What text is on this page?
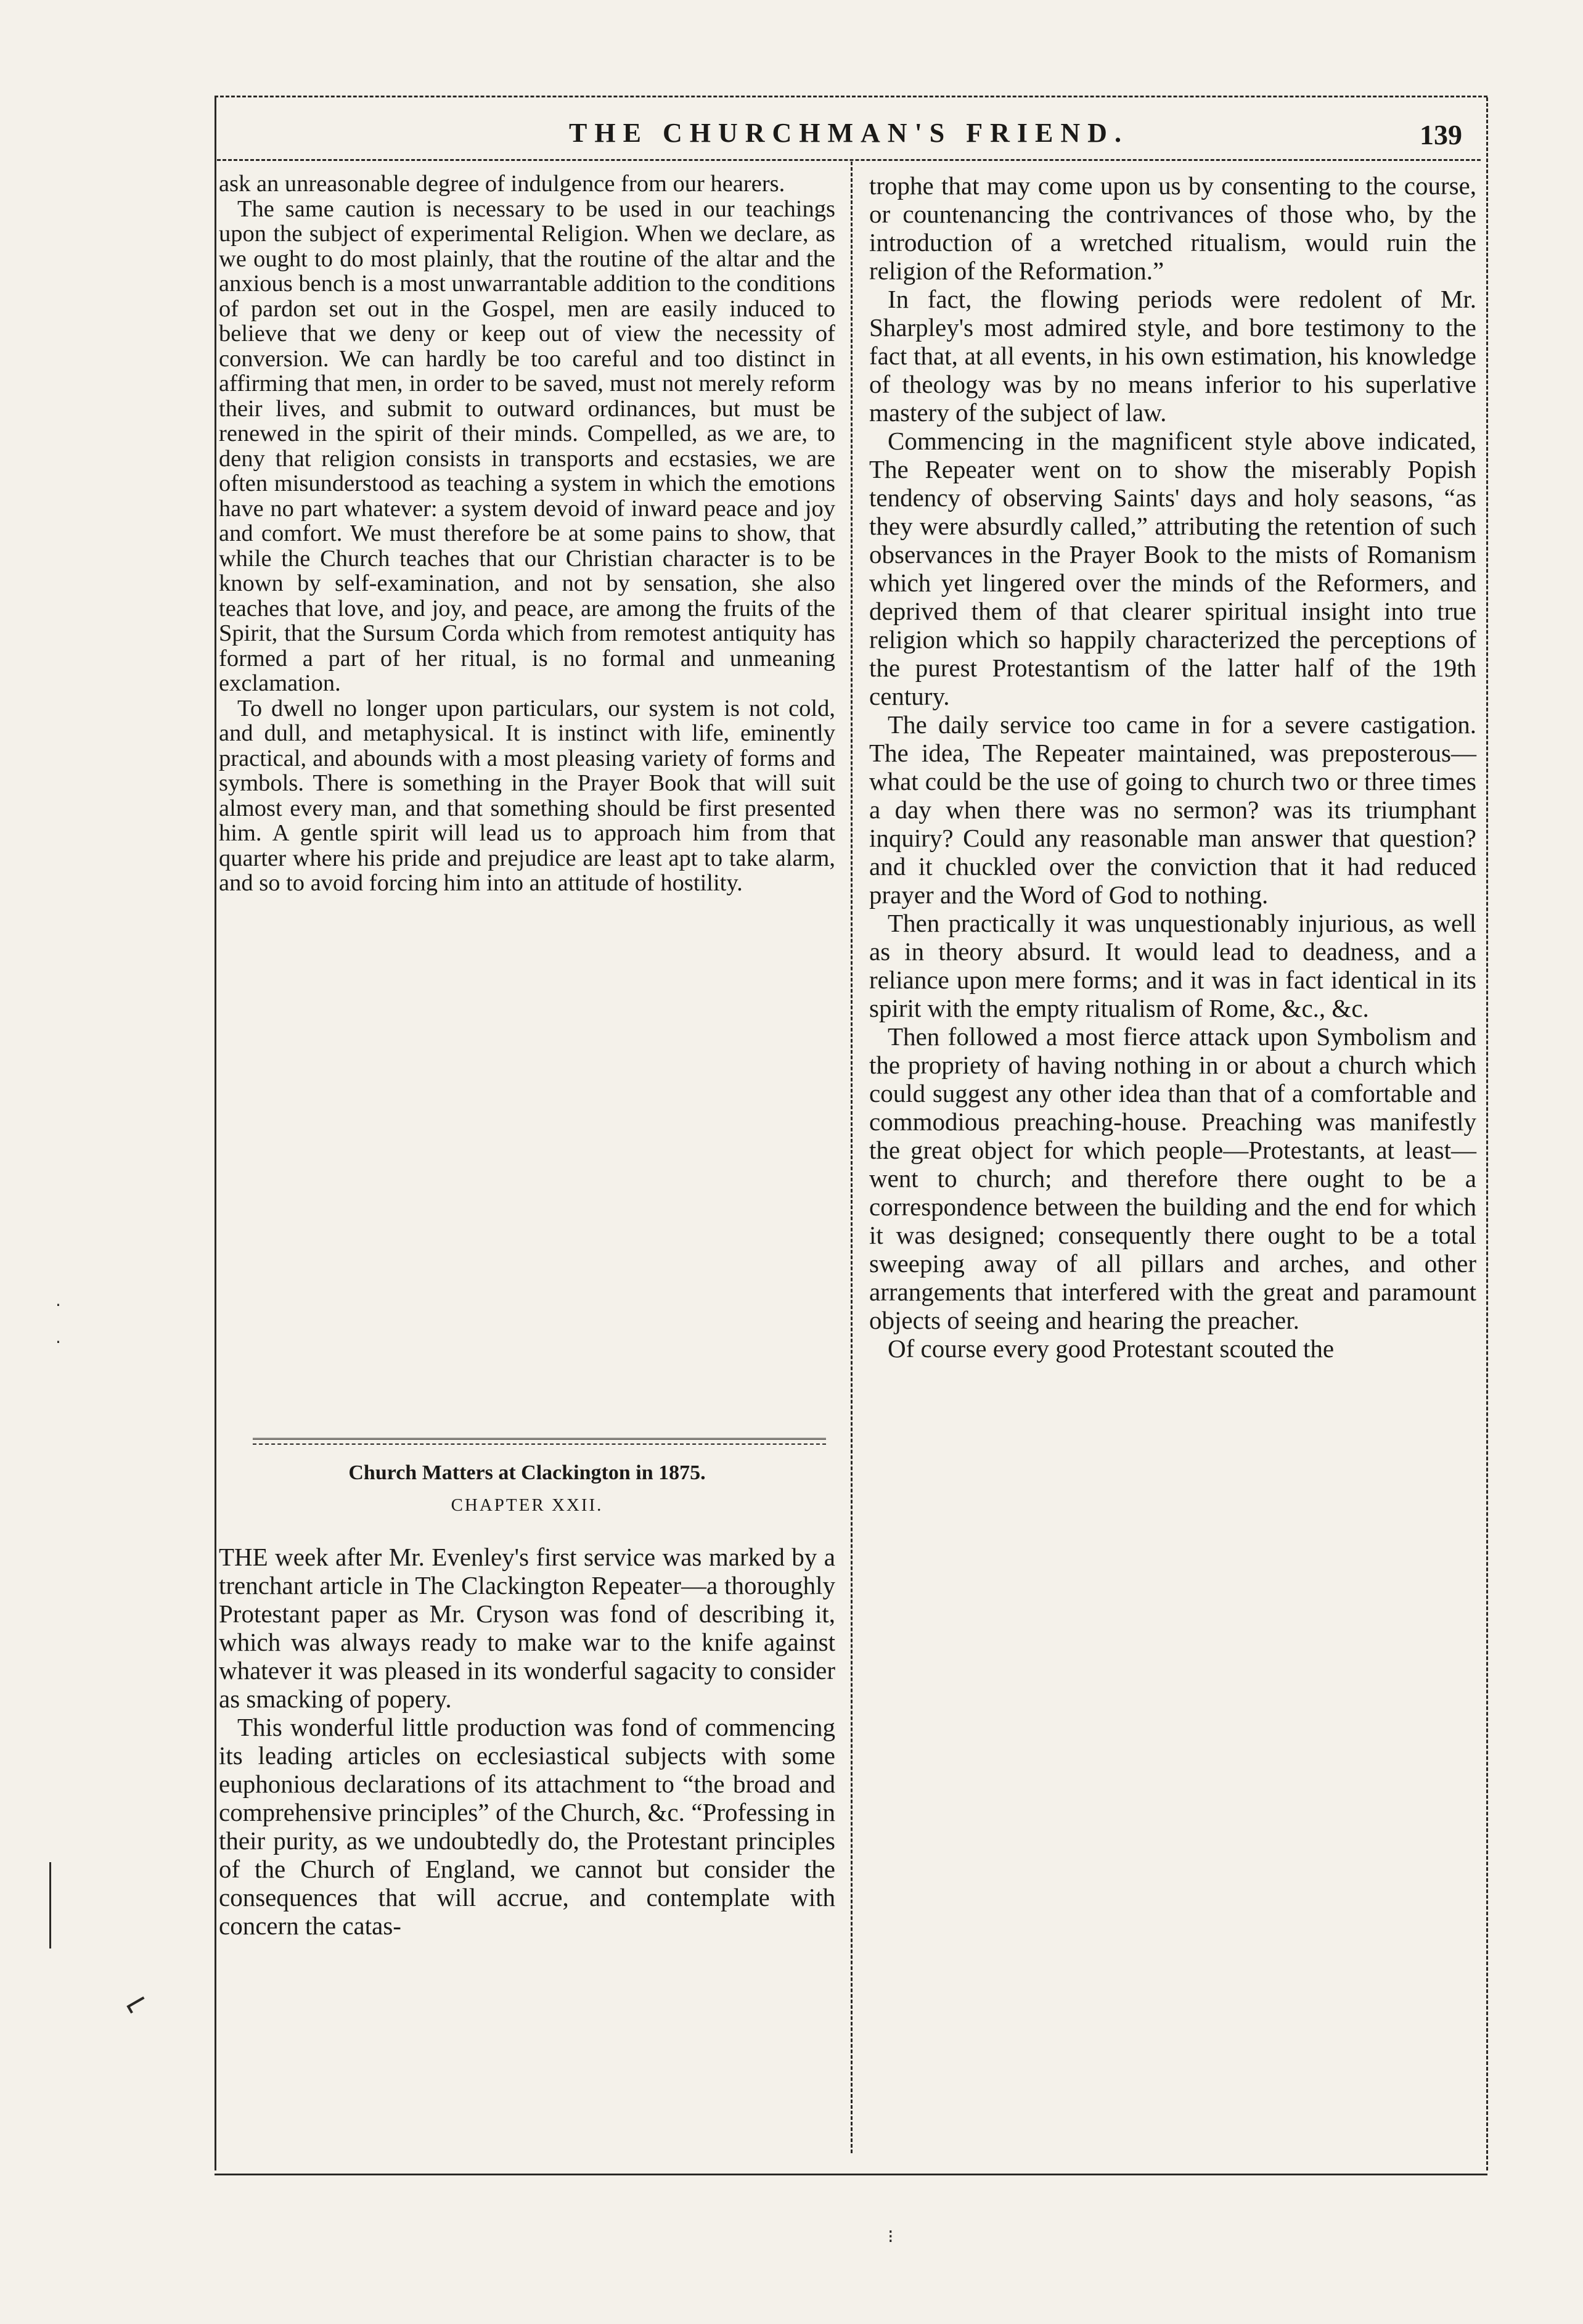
THE CHURCHMAN'S FRIEND.	139

ask an unreasonable degree of indulgence from our hearers.

The same caution is necessary to be used in our teachings upon the subject of experimental Religion. When we declare, as we ought to do most plainly, that the routine of the altar and the anxious bench is a most unwarrantable addition to the conditions of pardon set out in the Gospel, men are easily induced to believe that we deny or keep out of view the necessity of conversion. We can hardly be too careful and too distinct in affirming that men, in order to be saved, must not merely reform their lives, and submit to outward ordinances, but must be renewed in the spirit of their minds. Compelled, as we are, to deny that religion consists in transports and ecstasies, we are often misunderstood as teaching a system in which the emotions have no part whatever: a system devoid of inward peace and joy and comfort. We must therefore be at some pains to show, that while the Church teaches that our Christian character is to be known by self-examination, and not by sensation, she also teaches that love, and joy, and peace, are among the fruits of the Spirit, that the Sursum Corda which from remotest antiquity has formed a part of her ritual, is no formal and unmeaning exclamation.

To dwell no longer upon particulars, our system is not cold, and dull, and metaphysical. It is instinct with life, eminently practical, and abounds with a most pleasing variety of forms and symbols. There is something in the Prayer Book that will suit almost every man, and that something should be first presented him. A gentle spirit will lead us to approach him from that quarter where his pride and prejudice are least apt to take alarm, and so to avoid forcing him into an attitude of hostility.

Church Matters at Clackington in 1875.
CHAPTER XXII.

THE week after Mr. Evenley's first service was marked by a trenchant article in The Clackington Repeater—a thoroughly Protestant paper as Mr. Cryson was fond of describing it, which was always ready to make war to the knife against whatever it was pleased in its wonderful sagacity to consider as smacking of popery.

This wonderful little production was fond of commencing its leading articles on ecclesiastical subjects with some euphonious declarations of its attachment to “the broad and comprehensive principles” of the Church, &c. “Professing in their purity, as we undoubtedly do, the Protestant principles of the Church of England, we cannot but consider the consequences that will accrue, and contemplate with concern the catas-

trophe that may come upon us by consenting to the course, or countenancing the contrivances of those who, by the introduction of a wretched ritualism, would ruin the religion of the Reformation.”

In fact, the flowing periods were redolent of Mr. Sharpley's most admired style, and bore testimony to the fact that, at all events, in his own estimation, his knowledge of theology was by no means inferior to his superlative mastery of the subject of law.

Commencing in the magnificent style above indicated, The Repeater went on to show the miserably Popish tendency of observing Saints' days and holy seasons, “as they were absurdly called,” attributing the retention of such observances in the Prayer Book to the mists of Romanism which yet lingered over the minds of the Reformers, and deprived them of that clearer spiritual insight into true religion which so happily characterized the perceptions of the purest Protestantism of the latter half of the 19th century.

The daily service too came in for a severe castigation. The idea, The Repeater maintained, was preposterous—what could be the use of going to church two or three times a day when there was no sermon? was its triumphant inquiry? Could any reasonable man answer that question? and it chuckled over the conviction that it had reduced prayer and the Word of God to nothing.

Then practically it was unquestionably injurious, as well as in theory absurd. It would lead to deadness, and a reliance upon mere forms; and it was in fact identical in its spirit with the empty ritualism of Rome, &c., &c.

Then followed a most fierce attack upon Symbolism and the propriety of having nothing in or about a church which could suggest any other idea than that of a comfortable and commodious preaching-house. Preaching was manifestly the great object for which people—Protestants, at least—went to church; and therefore there ought to be a correspondence between the building and the end for which it was designed; consequently there ought to be a total sweeping away of all pillars and arches, and other arrangements that interfered with the great and paramount objects of seeing and hearing the preacher.

Of course every good Protestant scouted the

·
·
⌐
⁝
